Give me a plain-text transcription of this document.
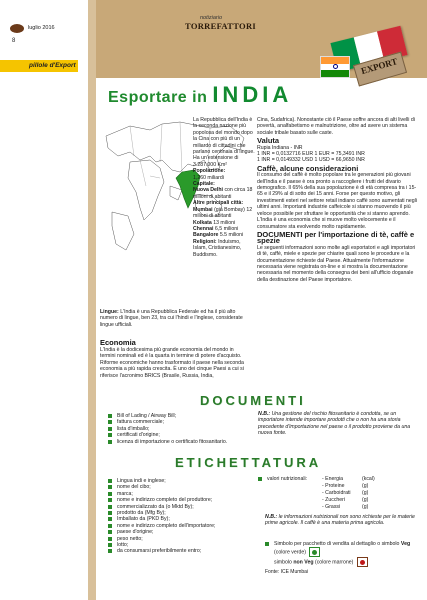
luglio 2016
8
notiziario
TORREFATTORI
pillole d'Export	EXPORT
Esportare in INDIA

La Repubblica dell'India è la seconda nazione più popolosa del mondo dopo la Cina con più di un miliardo di cittadini che parlano centinaia di lingue.

Ha un'estensione di 3.287.000 Km²

Popolazione:

1,260 miliardi

Capitale:

Nuova Delhi con circa 18 milioni di abitanti

Altre principali città:

Mumbai (già Bombay) 12 milioni di abitanti

Kolkata 13 milioni

Chennai 6,5 milioni

Bangalore 5.5 milioni

Religioni: Induismo, Islam, Cristianesimo, Buddismo.

Lingue: L'India è una Repubblica Federale ed ha il più alto numero di lingue, ben 23, tra cui l'hindi e l'inglese, considerate lingue ufficiali.
Economia
L'India è la dodicesima più grande economia del mondo in termini nominali ed è la quarta in termine di potere d'acquisto. Riforme economiche hanno trasformato il paese nella seconda economia a più rapida crescita. È uno dei cinque Paesi a cui si riferisce l'acronimo BRICS (Brasile, Russia, India,

Cina, Sudafrica). Nonostante ciò il Paese soffre ancora di alti livelli di povertà, analfabetismo e malnutrizione, oltre ad avere un sistema sociale tribale basato sulle caste.

Valuta

Rupia Indiana - INR

1 INR = 0,0132716 EUR 1 EUR = 75,3491 INR

1 INR = 0,0149332 USD 1 USD = 66,9650 INR

Caffè, alcune considerazioni

Il consumo del caffè è molto popolare tra le generazioni più giovani dell'India e il paese è ora pronto a raccogliere i frutti del divario demografico. Il 65% della sua popolazione è di età compresa tra i 15-65 e il 29% al di sotto dei 15 anni. Forse per questo motivo, gli investimenti esteri nel settore retail indiano caffè sono aumentati negli ultimi anni. Importanti industrie caffeicole si stanno muovendo il più veloce possibile per sfruttare le opportunità che si stanno aprendo.

L'India è una economia che si muove molto velocemente e il consumatore sta evolvendo molto rapidamente.

DOCUMENTI per l'importazione di tè, caffè e spezie

Le seguenti informazioni sono molte agli esportatori e agli importatori di tè, caffè, miele e spezie per chiarire quali sono le procedure e la documentazione richieste dal Paese. Attualmente l'informazione necessaria viene registrata on-line e si mostra la documentazione necessaria nel momento della consegna dei beni all'ufficio doganale della destinazione del Paese importatore.

DOCUMENTI

Bill of Lading / Airway Bill;

fattura commerciale;

lista d'imballo;

certificati d'origine;

licenza di importazione o certificato fitosanitario.

N.B.: Una gestione del rischio fitosanitario è condotta, se un importatore intende importare prodotti che o non ha una storia precedente d'importazione nel paese o il prodotto proviene da una nuova fonte.
ETICHETTATURA

Lingua indi e inglese;

nome del cibo;

marca;

nome e indirizzo completo del produttore;

commercializzato da (o Mktd By);

prodotto da (Mfg By);

Imballato da (PKD By);

nome e indirizzo completo dell'importatore;

paese d'origine;

peso netto;

lotto;

da consumarsi preferibilmente entro;

valori nutrizionali:	- Energia	(kcal)
- Proteine	(g)
- Carboidrati (g)
- Zuccheri	(g)
- Grassi	(g)
N.B.: le informazioni nutrizionali non sono richieste per le materie prime agricole. Il caffè è una materia prima agricola.

Simbolo per pacchetto di vendita al dettaglio o simbolo Veg (colore verde)

simbolo non Veg (colore marrone)

Fonte: ICE Mumbai
